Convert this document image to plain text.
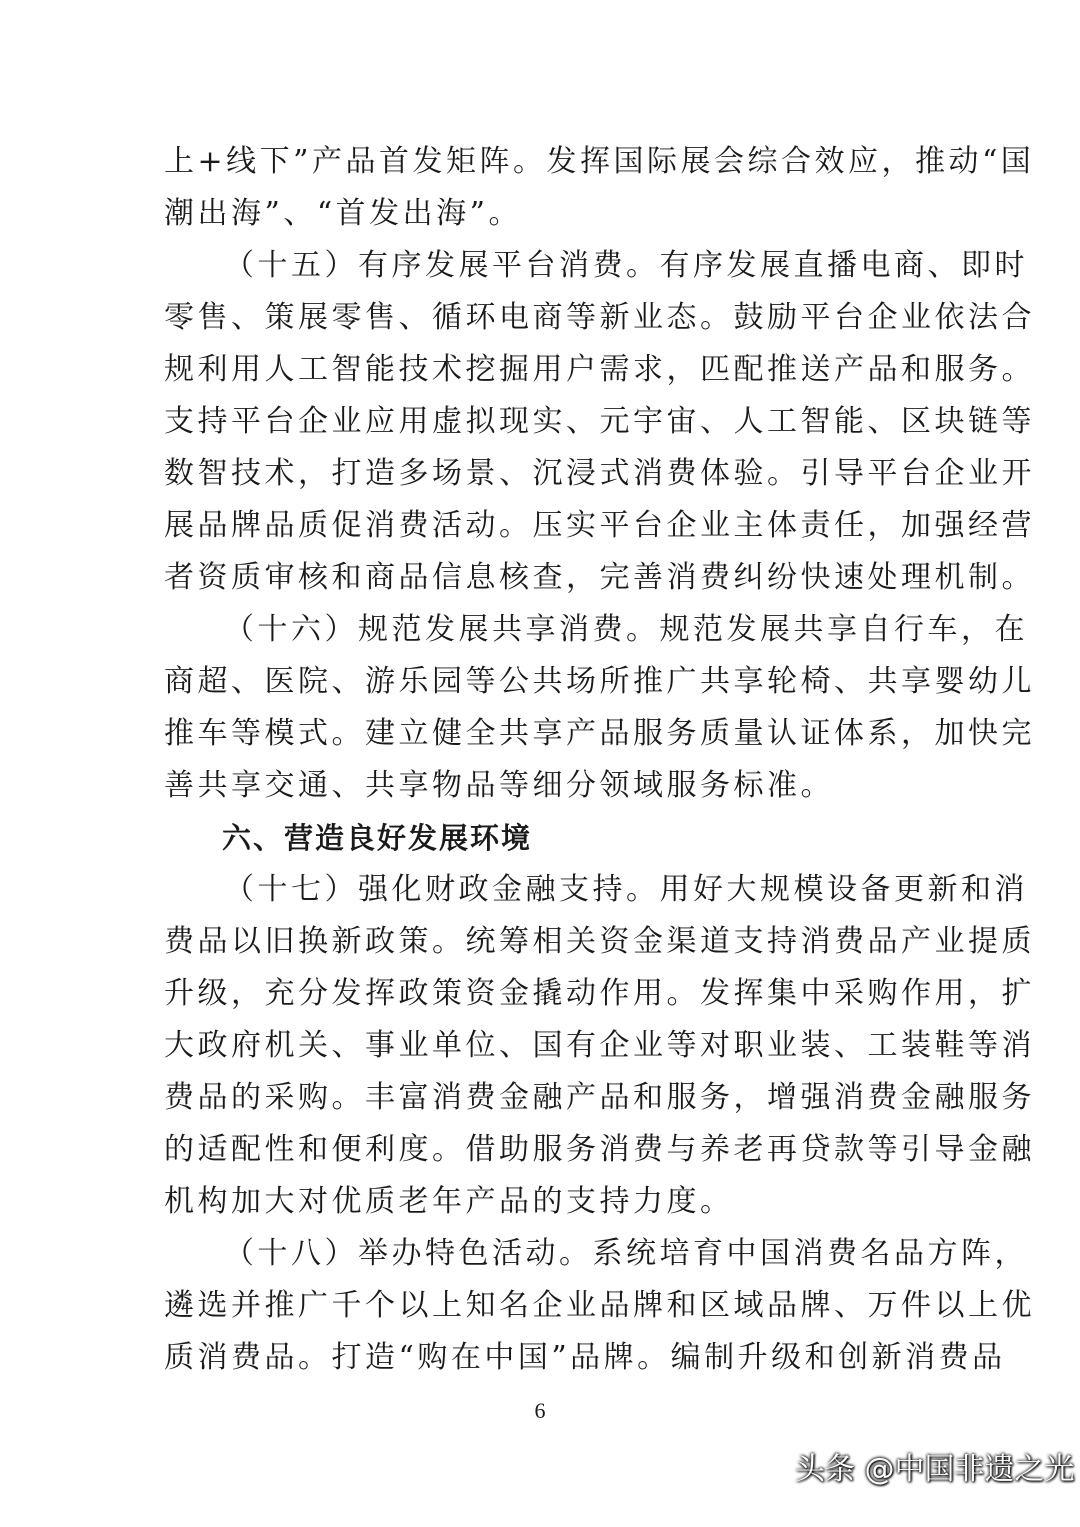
上+线下”产品首发矩阵。发挥国际展会综合效应，推动“国
潮出海”、“首发出海”。
（十五）有序发展平台消费。有序发展直播电商、即时
零售、策展零售、循环电商等新业态。鼓励平台企业依法合
规利用人工智能技术挖掘用户需求，匹配推送产品和服务。
支持平台企业应用虚拟现实、元宇宙、人工智能、区块链等
数智技术，打造多场景、沉浸式消费体验。引导平台企业开
展品牌品质促消费活动。压实平台企业主体责任，加强经营
者资质审核和商品信息核查，完善消费纠纷快速处理机制。
（十六）规范发展共享消费。规范发展共享自行车，在
商超、医院、游乐园等公共场所推广共享轮椅、共享婴幼儿
推车等模式。建立健全共享产品服务质量认证体系，加快完
善共享交通、共享物品等细分领域服务标准。
六、营造良好发展环境
（十七）强化财政金融支持。用好大规模设备更新和消
费品以旧换新政策。统筹相关资金渠道支持消费品产业提质
升级，充分发挥政策资金撬动作用。发挥集中采购作用，扩
大政府机关、事业单位、国有企业等对职业装、工装鞋等消
费品的采购。丰富消费金融产品和服务，增强消费金融服务
的适配性和便利度。借助服务消费与养老再贷款等引导金融
机构加大对优质老年产品的支持力度。
（十八）举办特色活动。系统培育中国消费名品方阵，
遴选并推广千个以上知名企业品牌和区域品牌、万件以上优
质消费品。打造“购在中国”品牌。编制升级和创新消费品
6
头条 @中国非遗之光
